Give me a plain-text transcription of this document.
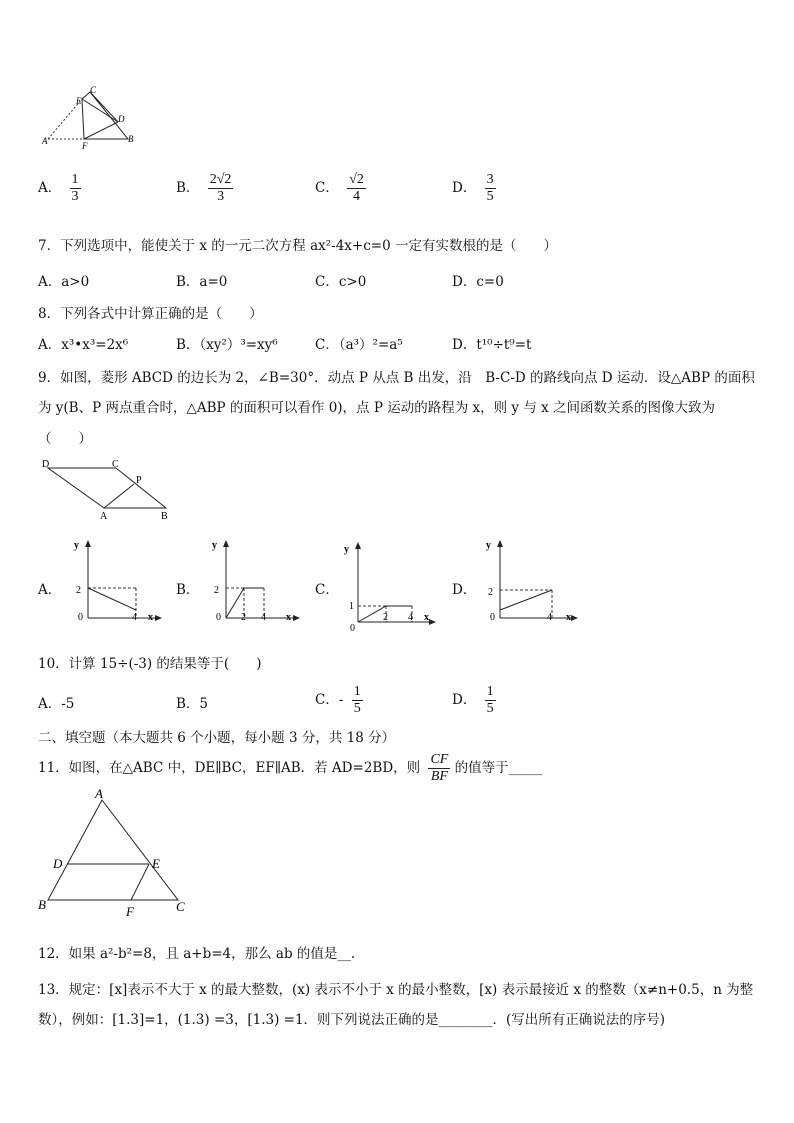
C
E
D
A	F
B
A． $\frac{1}{3}$	B． $\frac{2√2}{3}$	C． $\frac{√2}{4}$	D． $\frac{3}{5}$
7．下列选项中，能使关于 x 的一元二次方程 ax²-4x+c=0 一定有实数根的是（　　）
A．a>0	B．a=0	C．c>0	D．c=0
8．下列各式中计算正确的是（　　）
A．x³•x³=2x⁶	B．（xy²）³=xy⁶	C．（a³）²=a⁵	D．t¹⁰÷t⁹=t
9．如图，菱形 ABCD 的边长为 2，∠B=30°．动点 P 从点 B 出发，沿　B-C-D 的路线向点 D 运动．设△ABP 的面积
为 y(B、P 两点重合时，△ABP 的面积可以看作 0)，点 P 运动的路程为 x，则 y 与 x 之间函数关系的图像大致为
（　　）
D	C
P
A	B
A．
y
2
0	4 x
B．
y
2
0 2 4 x
C．
y
1
0
2 4 x
D．
y
2
0	4 x
10．计算 15÷(-3) 的结果等于(　　)
A．-5	B．5	C．- $\frac{1}{5}$	D． $\frac{1}{5}$
二、填空题（本大题共 6 个小题，每小题 3 分，共 18 分）
11．如图，在△ABC 中，DE∥BC，EF∥AB．若 AD=2BD，则 $\frac{CF}{BF}$ 的值等于_____
A
D	E
B	F	C
12．如果 a²-b²=8，且 a+b=4，那么 ab 的值是__.
13．规定：[x]表示不大于 x 的最大整数，(x) 表示不小于 x 的最小整数，[x) 表示最接近 x 的整数（x≠n+0.5，n 为整
数），例如：[1.3]=1，(1.3) =3，[1.3) =1．则下列说法正确的是________．(写出所有正确说法的序号)
